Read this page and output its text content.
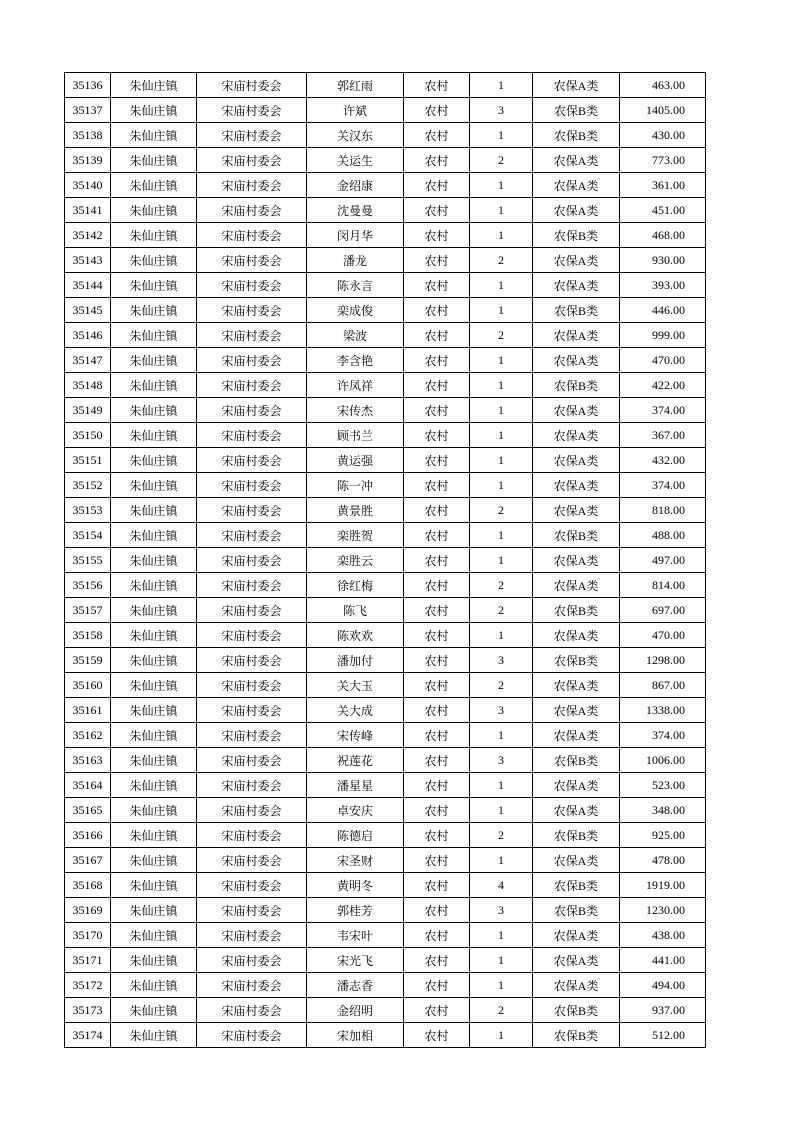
35136	朱仙庄镇	宋庙村委会	郭红雨	农村	1	农保A类	463.00
35137	朱仙庄镇	宋庙村委会	许斌	农村	3	农保B类	1405.00
35138	朱仙庄镇	宋庙村委会	关汉东	农村	1	农保B类	430.00
35139	朱仙庄镇	宋庙村委会	关运生	农村	2	农保A类	773.00
35140	朱仙庄镇	宋庙村委会	金绍康	农村	1	农保A类	361.00
35141	朱仙庄镇	宋庙村委会	沈曼曼	农村	1	农保A类	451.00
35142	朱仙庄镇	宋庙村委会	闵月华	农村	1	农保B类	468.00
35143	朱仙庄镇	宋庙村委会	潘龙	农村	2	农保A类	930.00
35144	朱仙庄镇	宋庙村委会	陈永言	农村	1	农保A类	393.00
35145	朱仙庄镇	宋庙村委会	栾成俊	农村	1	农保B类	446.00
35146	朱仙庄镇	宋庙村委会	梁波	农村	2	农保A类	999.00
35147	朱仙庄镇	宋庙村委会	李含艳	农村	1	农保A类	470.00
35148	朱仙庄镇	宋庙村委会	许凤祥	农村	1	农保B类	422.00
35149	朱仙庄镇	宋庙村委会	宋传杰	农村	1	农保A类	374.00
35150	朱仙庄镇	宋庙村委会	顾书兰	农村	1	农保A类	367.00
35151	朱仙庄镇	宋庙村委会	黄运强	农村	1	农保A类	432.00
35152	朱仙庄镇	宋庙村委会	陈一冲	农村	1	农保A类	374.00
35153	朱仙庄镇	宋庙村委会	黄景胜	农村	2	农保A类	818.00
35154	朱仙庄镇	宋庙村委会	栾胜贺	农村	1	农保B类	488.00
35155	朱仙庄镇	宋庙村委会	栾胜云	农村	1	农保A类	497.00
35156	朱仙庄镇	宋庙村委会	徐红梅	农村	2	农保A类	814.00
35157	朱仙庄镇	宋庙村委会	陈飞	农村	2	农保B类	697.00
35158	朱仙庄镇	宋庙村委会	陈欢欢	农村	1	农保A类	470.00
35159	朱仙庄镇	宋庙村委会	潘加付	农村	3	农保B类	1298.00
35160	朱仙庄镇	宋庙村委会	关大玉	农村	2	农保A类	867.00
35161	朱仙庄镇	宋庙村委会	关大成	农村	3	农保A类	1338.00
35162	朱仙庄镇	宋庙村委会	宋传峰	农村	1	农保A类	374.00
35163	朱仙庄镇	宋庙村委会	祝莲花	农村	3	农保B类	1006.00
35164	朱仙庄镇	宋庙村委会	潘星星	农村	1	农保A类	523.00
35165	朱仙庄镇	宋庙村委会	卓安庆	农村	1	农保A类	348.00
35166	朱仙庄镇	宋庙村委会	陈德启	农村	2	农保B类	925.00
35167	朱仙庄镇	宋庙村委会	宋圣财	农村	1	农保A类	478.00
35168	朱仙庄镇	宋庙村委会	黄明冬	农村	4	农保B类	1919.00
35169	朱仙庄镇	宋庙村委会	郭桂芳	农村	3	农保B类	1230.00
35170	朱仙庄镇	宋庙村委会	韦宋叶	农村	1	农保A类	438.00
35171	朱仙庄镇	宋庙村委会	宋光飞	农村	1	农保A类	441.00
35172	朱仙庄镇	宋庙村委会	潘志香	农村	1	农保A类	494.00
35173	朱仙庄镇	宋庙村委会	金绍明	农村	2	农保B类	937.00
35174	朱仙庄镇	宋庙村委会	宋加相	农村	1	农保B类	512.00
